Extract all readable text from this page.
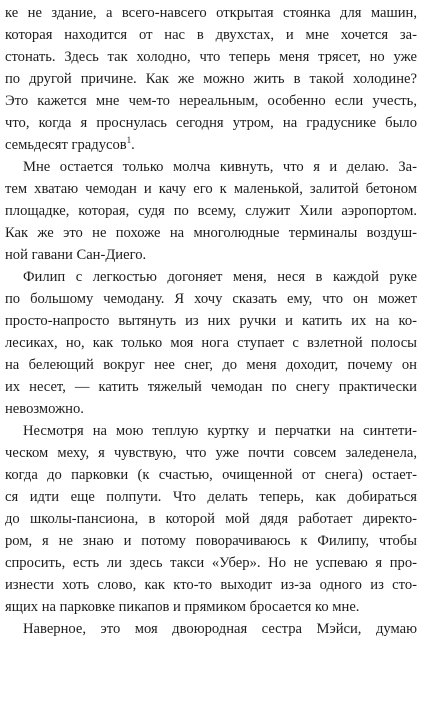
ке не здание, а всего-навсего открытая стоянка для машин,
которая находится от нас в двухстах, и мне хочется за-
стонать. Здесь так холодно, что теперь меня трясет, но уже
по другой причине. Как же можно жить в такой холодине?
Это кажется мне чем-то нереальным, особенно если учесть,
что, когда я проснулась сегодня утром, на градуснике было
семьдесят градусов$^1$.
Мне остается только молча кивнуть, что я и делаю. За-
тем хватаю чемодан и качу его к маленькой, залитой бетоном
площадке, которая, судя по всему, служит Хили аэропортом.
Как же это не похоже на многолюдные терминалы воздуш-
ной гавани Сан-Диего.
Филип с легкостью догоняет меня, неся в каждой руке
по большому чемодану. Я хочу сказать ему, что он может
просто-напросто вытянуть из них ручки и катить их на ко-
лесиках, но, как только моя нога ступает с взлетной полосы
на белеющий вокруг нее снег, до меня доходит, почему он
их несет, — катить тяжелый чемодан по снегу практически
невозможно.
Несмотря на мою теплую куртку и перчатки на синтети-
ческом меху, я чувствую, что уже почти совсем заледенела,
когда до парковки (к счастью, очищенной от снега) остает-
ся идти еще полпути. Что делать теперь, как добираться
до школы-пансиона, в которой мой дядя работает директо-
ром, я не знаю и потому поворачиваюсь к Филипу, чтобы
спросить, есть ли здесь такси «Убер». Но не успеваю я про-
изнести хоть слово, как кто-то выходит из-за одного из сто-
ящих на парковке пикапов и прямиком бросается ко мне.
Наверное, это моя двоюродная сестра Мэйси, думаю
